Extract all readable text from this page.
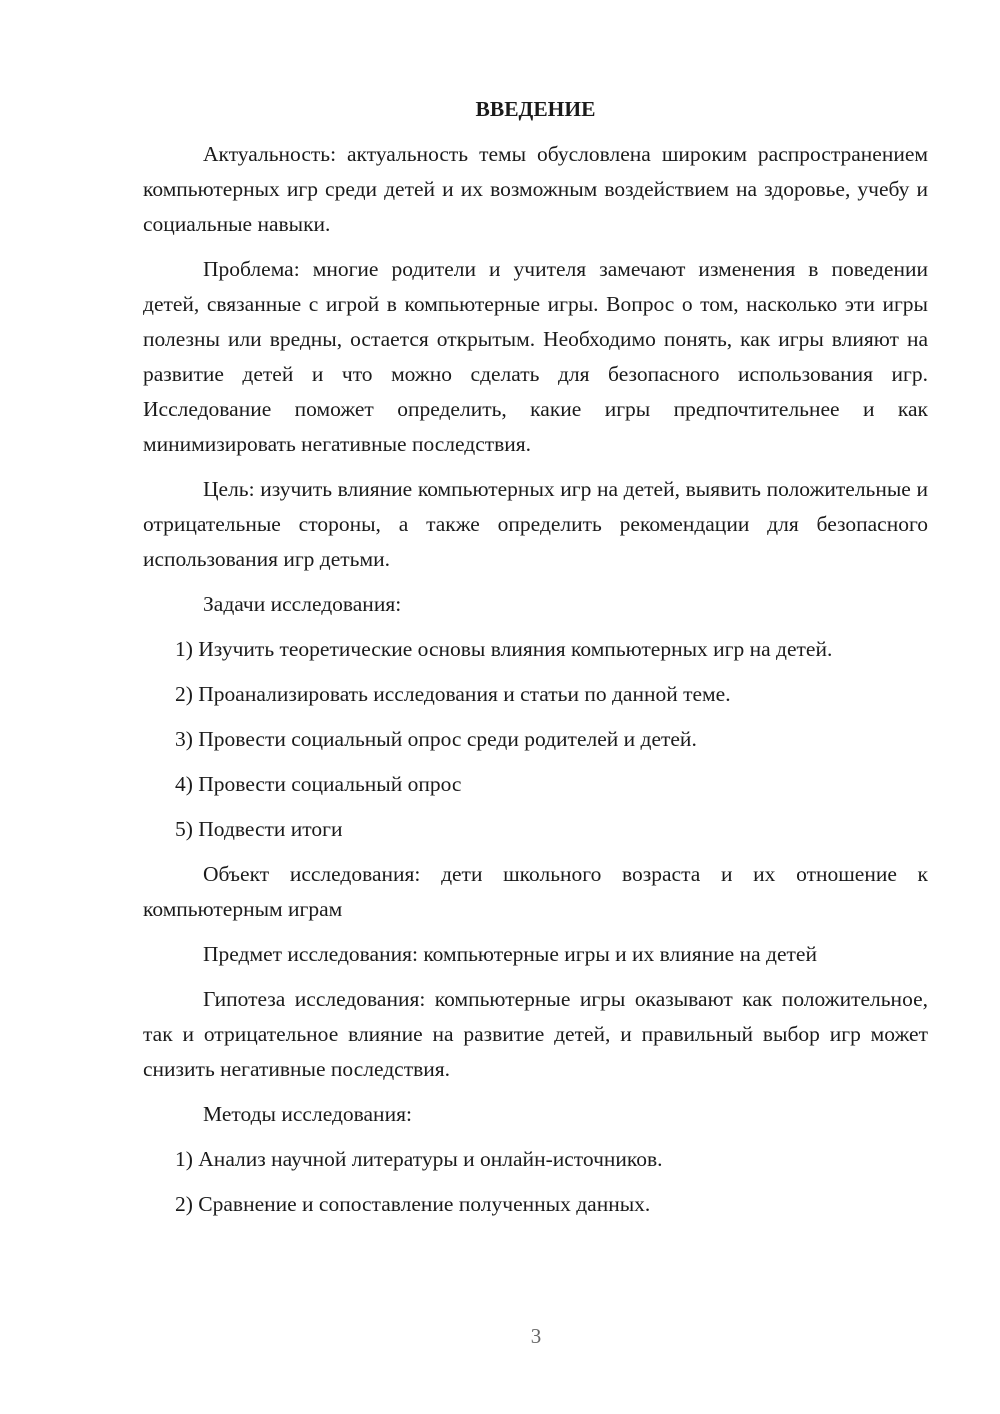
ВВЕДЕНИЕ

Актуальность: актуальность темы обусловлена широким распространением компьютерных игр среди детей и их возможным воздействием на здоровье, учебу и социальные навыки.

Проблема: многие родители и учителя замечают изменения в поведении детей, связанные с игрой в компьютерные игры. Вопрос о том, насколько эти игры полезны или вредны, остается открытым. Необходимо понять, как игры влияют на развитие детей и что можно сделать для безопасного использования игр. Исследование поможет определить, какие игры предпочтительнее и как минимизировать негативные последствия.

Цель: изучить влияние компьютерных игр на детей, выявить положительные и отрицательные стороны, а также определить рекомендации для безопасного использования игр детьми.

Задачи исследования:

1) Изучить теоретические основы влияния компьютерных игр на детей.

2) Проанализировать исследования и статьи по данной теме.

3) Провести социальный опрос среди родителей и детей.

4) Провести социальный опрос

5) Подвести итоги

Объект исследования: дети школьного возраста и их отношение к компьютерным играм

Предмет исследования: компьютерные игры и их влияние на детей

Гипотеза исследования: компьютерные игры оказывают как положительное, так и отрицательное влияние на развитие детей, и правильный выбор игр может снизить негативные последствия.

Методы исследования:

1) Анализ научной литературы и онлайн-источников.

2) Сравнение и сопоставление полученных данных.

3
